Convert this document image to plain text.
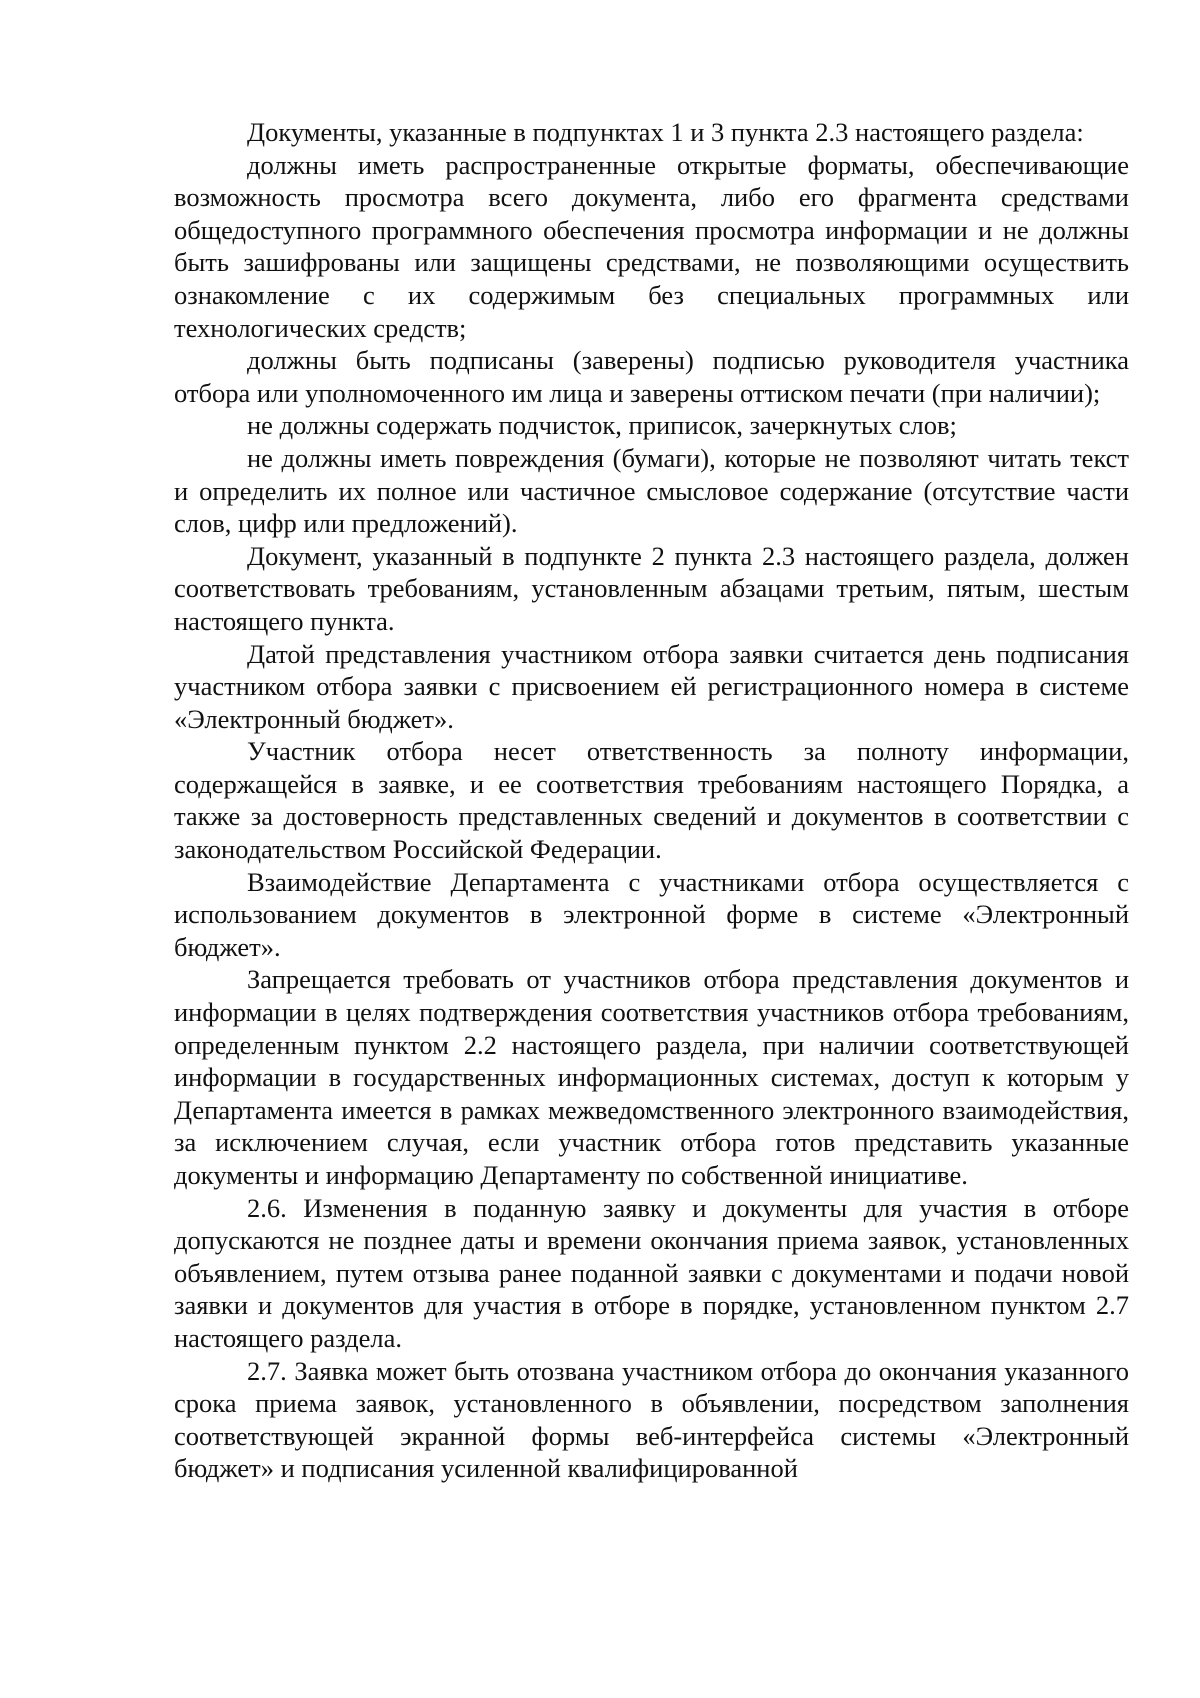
Документы, указанные в подпунктах 1 и 3 пункта 2.3 настоящего раздела:

должны иметь распространенные открытые форматы, обеспечивающие возможность просмотра всего документа, либо его фрагмента средствами общедоступного программного обеспечения просмотра информации и не должны быть зашифрованы или защищены средствами, не позволяющими осуществить ознакомление с их содержимым без специальных программных или технологических средств;

должны быть подписаны (заверены) подписью руководителя участника отбора или уполномоченного им лица и заверены оттиском печати (при наличии);

не должны содержать подчисток, приписок, зачеркнутых слов;

не должны иметь повреждения (бумаги), которые не позволяют читать текст и определить их полное или частичное смысловое содержание (отсутствие части слов, цифр или предложений).

Документ, указанный в подпункте 2 пункта 2.3 настоящего раздела, должен соответствовать требованиям, установленным абзацами третьим, пятым, шестым настоящего пункта.

Датой представления участником отбора заявки считается день подписания участником отбора заявки с присвоением ей регистрационного номера в системе «Электронный бюджет».

Участник отбора несет ответственность за полноту информации, содержащейся в заявке, и ее соответствия требованиям настоящего Порядка, а также за достоверность представленных сведений и документов в соответствии с законодательством Российской Федерации.

Взаимодействие Департамента с участниками отбора осуществляется с использованием документов в электронной форме в системе «Электронный бюджет».

Запрещается требовать от участников отбора представления документов и информации в целях подтверждения соответствия участников отбора требованиям, определенным пунктом 2.2 настоящего раздела, при наличии соответствующей информации в государственных информационных системах, доступ к которым у Департамента имеется в рамках межведомственного электронного взаимодействия, за исключением случая, если участник отбора готов представить указанные документы и информацию Департаменту по собственной инициативе.

2.6. Изменения в поданную заявку и документы для участия в отборе допускаются не позднее даты и времени окончания приема заявок, установленных объявлением, путем отзыва ранее поданной заявки с документами и подачи новой заявки и документов для участия в отборе в порядке, установленном пунктом 2.7 настоящего раздела.

2.7. Заявка может быть отозвана участником отбора до окончания указанного срока приема заявок, установленного в объявлении, посредством заполнения соответствующей экранной формы веб-интерфейса системы «Электронный бюджет» и подписания усиленной квалифицированной
